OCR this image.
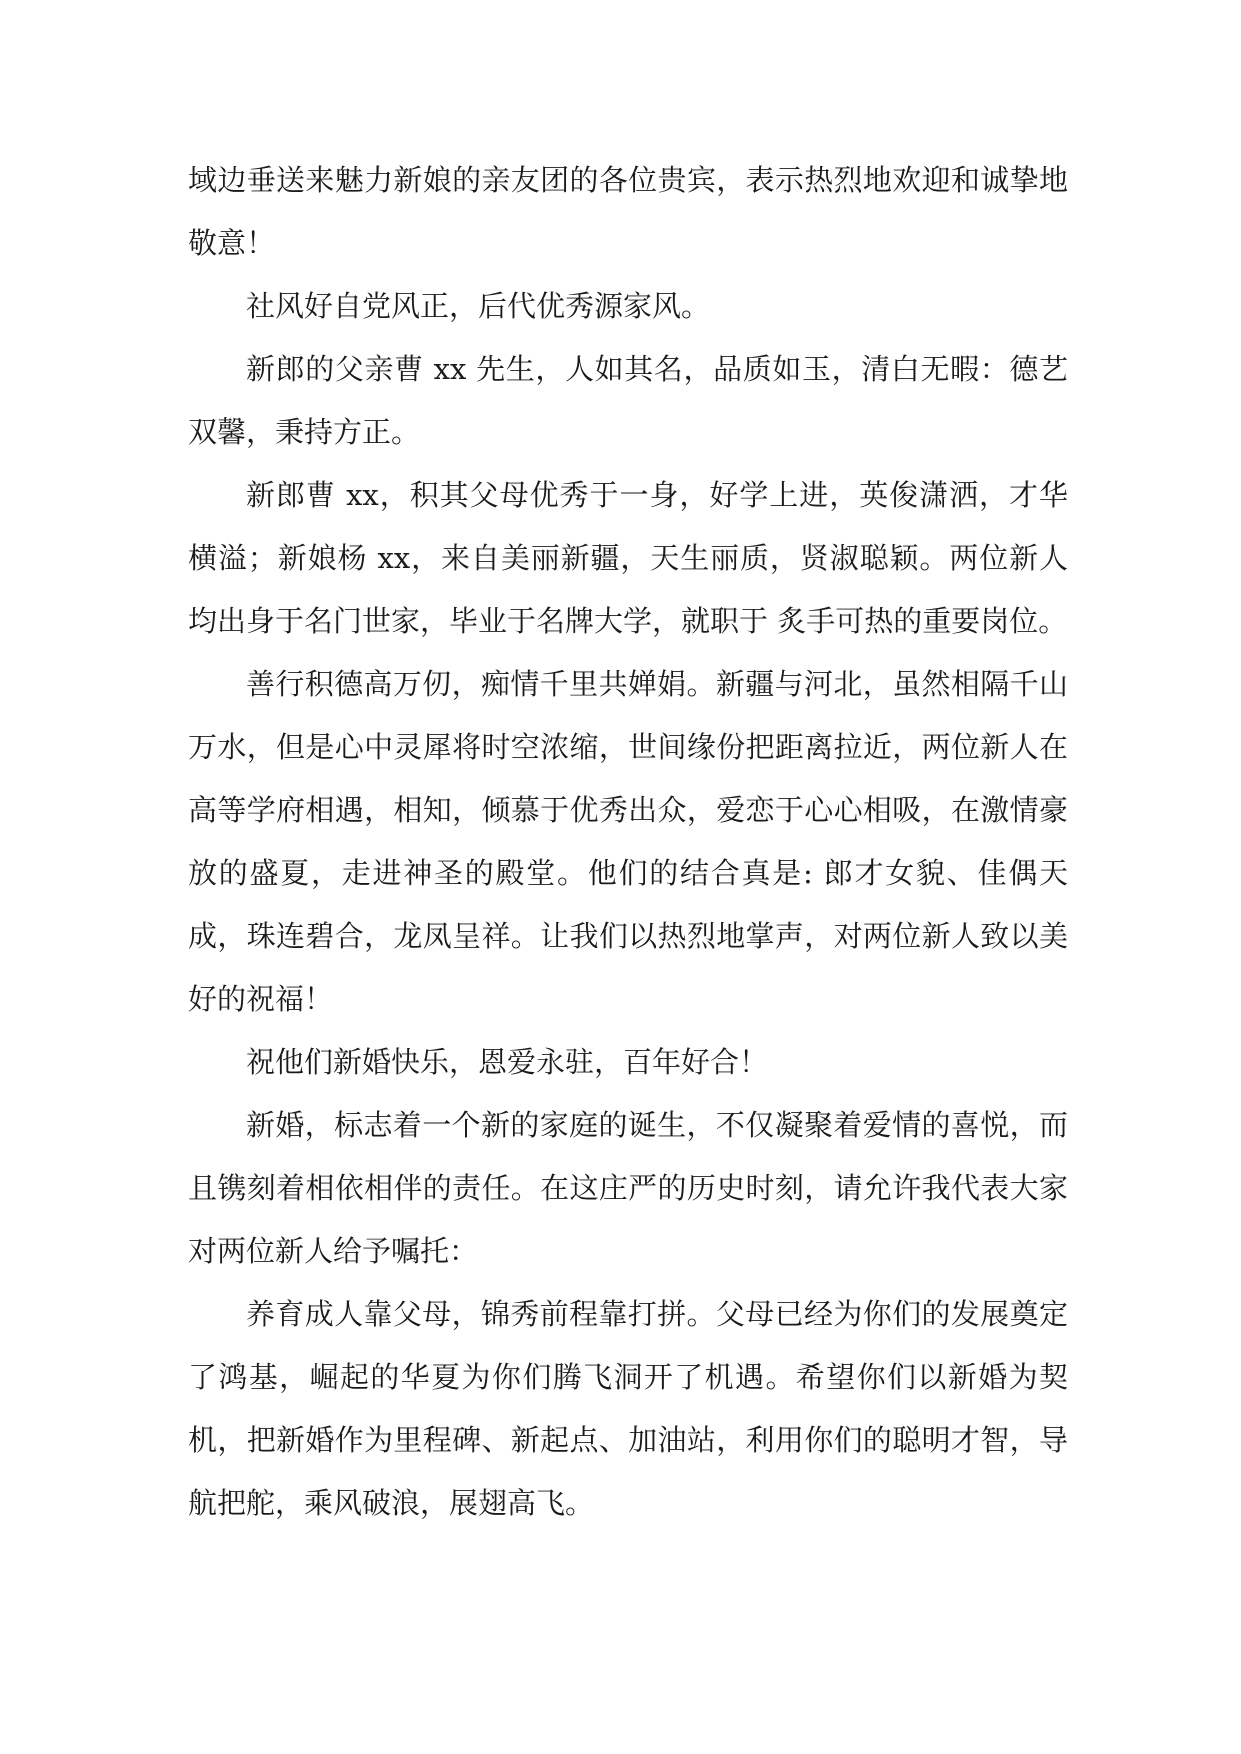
域边垂送来魅力新娘的亲友团的各位贵宾，表示热烈地欢迎和诚挚地敬意！

社风好自党风正，后代优秀源家风。

新郎的父亲曹 xx 先生，人如其名，品质如玉，清白无暇：德艺双馨，秉持方正。

新郎曹 xx，积其父母优秀于一身，好学上进，英俊潇洒，才华横溢；新娘杨 xx，来自美丽新疆，天生丽质，贤淑聪颖。两位新人均出身于名门世家，毕业于名牌大学，就职于 炙手可热的重要岗位。

善行积德高万仞，痴情千里共婵娟。新疆与河北，虽然相隔千山万水，但是心中灵犀将时空浓缩，世间缘份把距离拉近，两位新人在高等学府相遇，相知，倾慕于优秀出众，爱恋于心心相吸，在激情豪放的盛夏，走进神圣的殿堂。他们的结合真是: 郎才女貌、佳偶天成，珠连碧合，龙凤呈祥。让我们以热烈地掌声，对两位新人致以美好的祝福！

祝他们新婚快乐，恩爱永驻，百年好合！

新婚，标志着一个新的家庭的诞生，不仅凝聚着爱情的喜悦，而且镌刻着相依相伴的责任。在这庄严的历史时刻，请允许我代表大家对两位新人给予嘱托：

养育成人靠父母，锦秀前程靠打拼。父母已经为你们的发展奠定了鸿基，崛起的华夏为你们腾飞洞开了机遇。希望你们以新婚为契机，把新婚作为里程碑、新起点、加油站，利用你们的聪明才智，导航把舵，乘风破浪，展翅高飞。
